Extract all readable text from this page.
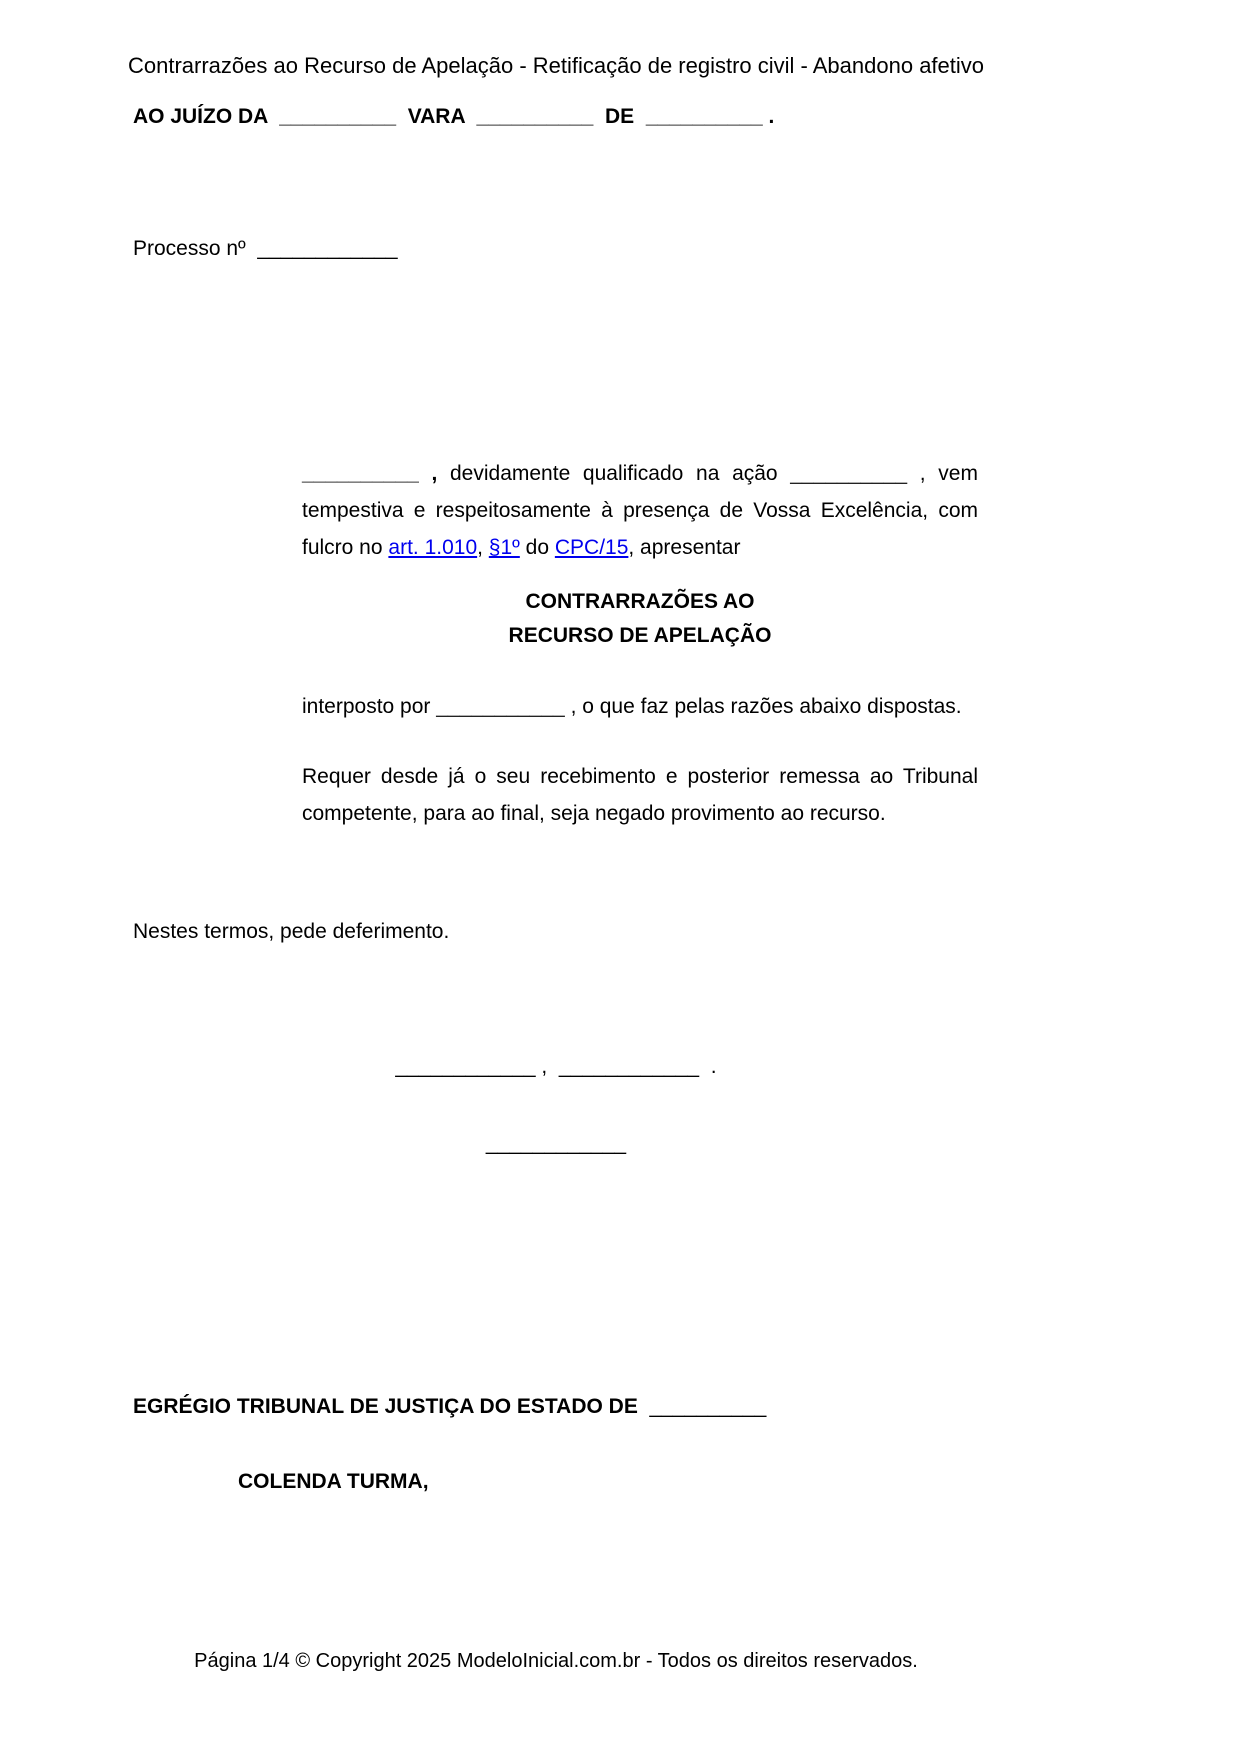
Contrarrazões ao Recurso de Apelação - Retificação de registro civil - Abandono afetivo
AO JUÍZO DA  __________  VARA  __________  DE  __________ .
Processo nº  ____________

__________ , devidamente qualificado na ação __________ , vem tempestiva e respeitosamente à presença de Vossa Excelência, com fulcro no art. 1.010, §1º do CPC/15, apresentar

CONTRARRAZÕES AO
RECURSO DE APELAÇÃO

interposto por ___________ , o que faz pelas razões abaixo dispostas.

Requer desde já o seu recebimento e posterior remessa ao Tribunal competente, para ao final, seja negado provimento ao recurso.

Nestes termos, pede deferimento.
____________ ,  ____________  .
____________
EGRÉGIO TRIBUNAL DE JUSTIÇA DO ESTADO DE  __________
COLENDA TURMA,
Página 1/4 © Copyright 2025 ModeloInicial.com.br - Todos os direitos reservados.
